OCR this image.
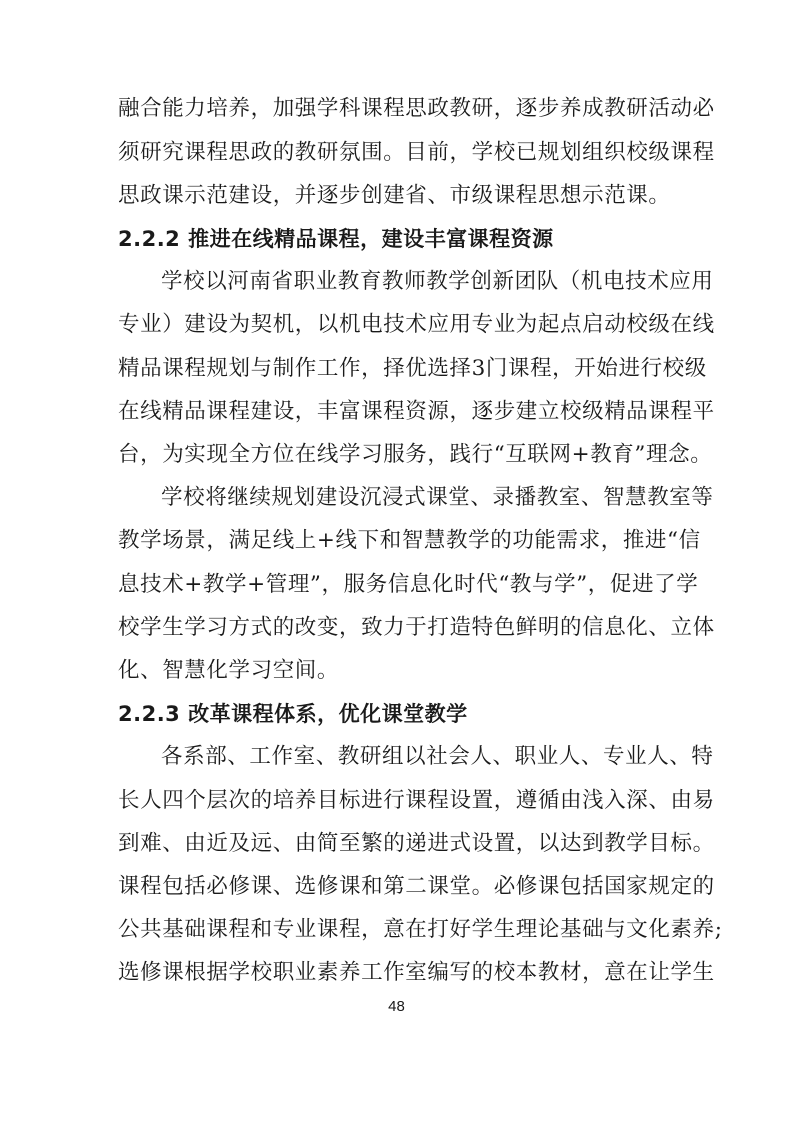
融合能力培养，加强学科课程思政教研，逐步养成教研活动必
须研究课程思政的教研氛围。目前，学校已规划组织校级课程
思政课示范建设，并逐步创建省、市级课程思想示范课。
2.2.2 推进在线精品课程，建设丰富课程资源
学校以河南省职业教育教师教学创新团队（机电技术应用
专业）建设为契机，以机电技术应用专业为起点启动校级在线
精品课程规划与制作工作，择优选择3门课程，开始进行校级
在线精品课程建设，丰富课程资源，逐步建立校级精品课程平
台，为实现全方位在线学习服务，践行“互联网+教育”理念。
学校将继续规划建设沉浸式课堂、录播教室、智慧教室等
教学场景，满足线上+线下和智慧教学的功能需求，推进“信
息技术+教学+管理”，服务信息化时代“教与学”，促进了学
校学生学习方式的改变，致力于打造特色鲜明的信息化、立体
化、智慧化学习空间。
2.2.3 改革课程体系，优化课堂教学
各系部、工作室、教研组以社会人、职业人、专业人、特
长人四个层次的培养目标进行课程设置，遵循由浅入深、由易
到难、由近及远、由简至繁的递进式设置，以达到教学目标。
课程包括必修课、选修课和第二课堂。必修课包括国家规定的
公共基础课程和专业课程，意在打好学生理论基础与文化素养;
选修课根据学校职业素养工作室编写的校本教材，意在让学生
48
